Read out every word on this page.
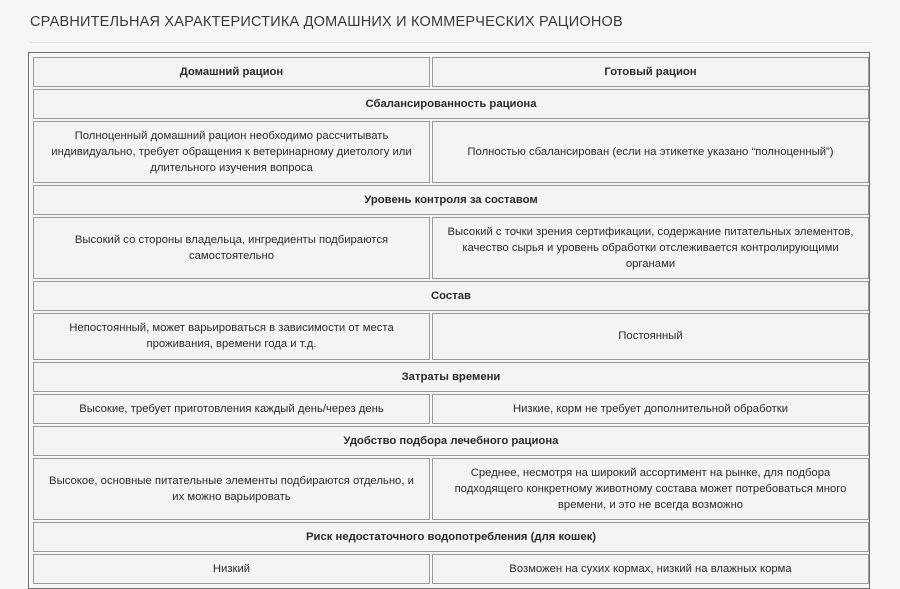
СРАВНИТЕЛЬНАЯ ХАРАКТЕРИСТИКА ДОМАШНИХ И КОММЕРЧЕСКИХ РАЦИОНОВ
Домашний рацион	Готовый рацион
Сбалансированность рациона	
Полноценный домашний рацион необходимо рассчитывать индивидуально, требует обращения к ветеринарному диетологу или длительного изучения вопроса	Полностью сбалансирован (если на этикетке указано “полноценный”)
Уровень контроля за составом	
Высокий со стороны владельца, ингредиенты подбираются самостоятельно	Высокий с точки зрения сертификации, содержание питательных элементов, качество сырья и уровень обработки отслеживается контролирующими органами
Состав	
Непостоянный, может варьироваться в зависимости от места проживания, времени года и т.д.	Постоянный
Затраты времени	
Высокие, требует приготовления каждый день/через день	Низкие, корм не требует дополнительной обработки
Удобство подбора лечебного рациона	
Высокое, основные питательные элементы подбираются отдельно, и их можно варьировать	Среднее, несмотря на широкий ассортимент на рынке, для подбора подходящего конкретному животному состава может потребоваться много времени, и это не всегда возможно
Риск недостаточного водопотребления (для кошек)	
Низкий	Возможен на сухих кормах, низкий на влажных корма
